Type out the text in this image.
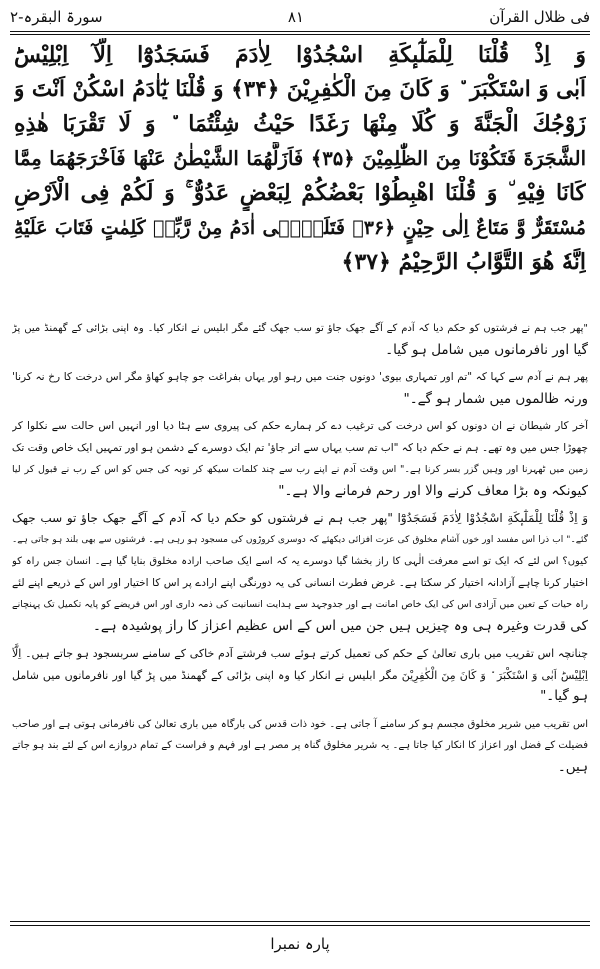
فی ظلال القرآن
۸۱
سورۃ البقرہ-۲
وَ اِذْ قُلْنَا لِلْمَلٰٓىٕكَةِ اسْجُدُوْا لِاٰدَمَ فَسَجَدُوْٓا اِلَّآ اِبْلِیْسَؕ
اَبٰى وَ اسْتَكْبَرَ ٘ وَ كَانَ مِنَ الْكٰفِرِیْنَ ﴿۳۴﴾ وَ قُلْنَا یٰٓاٰدَمُ اسْكُنْ اَنْتَ وَ
زَوْجُكَ الْجَنَّةَ وَ كُلَا مِنْهَا رَغَدًا حَیْثُ شِئْتُمَا ٘ وَ لَا تَقْرَبَا هٰذِهِ
الشَّجَرَةَ فَتَكُوْنَا مِنَ الظّٰلِمِیْنَ ﴿۳۵﴾ فَاَزَلَّهُمَا الشَّیْطٰنُ عَنْهَا فَاَخْرَجَهُمَا مِمَّا
كَانَا فِیْهِ ٘ وَ قُلْنَا اهْبِطُوْا بَعْضُكُمْ لِبَعْضٍ عَدُوٌّ ۚ وَ لَكُمْ فِی الْاَرْضِ
مُسْتَقَرٌّ وَّ مَتَاعٌ اِلٰى حِیْنٍ ﴿۳۶﴾ فَتَلَقّٰۤى اٰدَمُ مِنْ رَّبِّهٖ كَلِمٰتٍ فَتَابَ عَلَیْهِؕ
اِنَّهٗ هُوَ التَّوَّابُ الرَّحِیْمُ ﴿۳۷﴾
"پھر جب ہم نے فرشتوں کو حکم دیا کہ آدم کے آگے جھک جاؤ تو سب جھک گئے مگر ابلیس نے انکار کیا۔ وہ اپنی بڑائی کے گھمنڈ میں پڑ
گیا اور نافرمانوں میں شامل ہو گیا۔
پھر ہم نے آدم سے کہا کہ "تم اور تمہاری بیوی' دونوں جنت میں رہو اور یہاں بفراغت جو چاہو کھاؤ مگر اس درخت کا رخ نہ کرنا'
ورنہ ظالموں میں شمار ہو گے۔"
آخر کار شیطان نے ان دونوں کو اس درخت کی ترغیب دے کر ہمارے حکم کی پیروی سے ہٹا دیا اور انہیں اس حالت سے نکلوا کر
چھوڑا جس میں وہ تھے۔ ہم نے حکم دیا کہ "اب تم سب یہاں سے اتر جاؤ' تم ایک دوسرے کے دشمن ہو اور تمہیں ایک خاص وقت تک
زمین میں ٹھہرنا اور وہیں گزر بسر کرنا ہے۔" اس وقت آدم نے اپنے رب سے چند کلمات سیکھ کر توبہ کی جس کو اس کے رب نے قبول کر لیا
کیونکہ وہ بڑا معاف کرنے والا اور رحم فرمانے والا ہے۔"
وَ اِذْ قُلْنَا لِلْمَلٰٓىٕكَةِ اسْجُدُوْا لِاٰدَمَ فَسَجَدُوْٓا "پھر جب ہم نے فرشتوں کو حکم دیا کہ آدم کے آگے جھک جاؤ تو سب جھک
گئے۔" اب ذرا اس مفسد اور خوں آشام مخلوق کی عزت افزائی دیکھئے کہ دوسری کروڑوں کی مسجود ہو رہی ہے۔ فرشتوں سے بھی بلند ہو جاتی ہے۔
کیوں؟ اس لئے کہ ایک تو اسے معرفت الٰہی کا راز بخشا گیا دوسرے یہ کہ اسے ایک صاحب ارادہ مخلوق بنایا گیا ہے۔ انسان جس راہ کو
اختیار کرنا چاہے آزادانہ اختیار کر سکتا ہے۔ غرض فطرت انسانی کی یہ دورنگی اپنے ارادے پر اس کا اختیار اور اس کے ذریعے اپنے لئے
راہ حیات کے تعین میں آزادی اس کی ایک خاص امانت ہے اور جدوجہد سے ہدایت انسانیت کی ذمہ داری اور اس فریضے کو پایہ تکمیل تک پہنچانے
کی قدرت وغیرہ ہی وہ چیزیں ہیں جن میں اس کے اس عظیم اعزاز کا راز پوشیدہ ہے۔
چنانچہ اس تقریب میں باری تعالیٰ کے حکم کی تعمیل کرتے ہوئے سب فرشتے آدم خاکی کے سامنے سربسجود ہو جاتے ہیں۔ اِلَّآ
اِبْلِیْسَؕ اَبٰى وَ اسْتَكْبَرَ ٘ وَ كَانَ مِنَ الْكٰفِرِیْنَ مگر ابلیس نے انکار کیا وہ اپنی بڑائی کے گھمنڈ میں پڑ گیا اور نافرمانوں میں شامل
ہو گیا۔"
اس تقریب میں شریر مخلوق مجسم ہو کر سامنے آ جاتی ہے۔ خود ذات قدس کی بارگاہ میں باری تعالیٰ کی نافرمانی ہوتی ہے اور صاحب
فضیلت کے فضل اور اعزاز کا انکار کیا جاتا ہے۔ یہ شریر مخلوق گناہ پر مصر ہے اور فہم و فراست کے تمام دروازے اس کے لئے بند ہو جاتے
ہیں۔
پارہ نمبرا
